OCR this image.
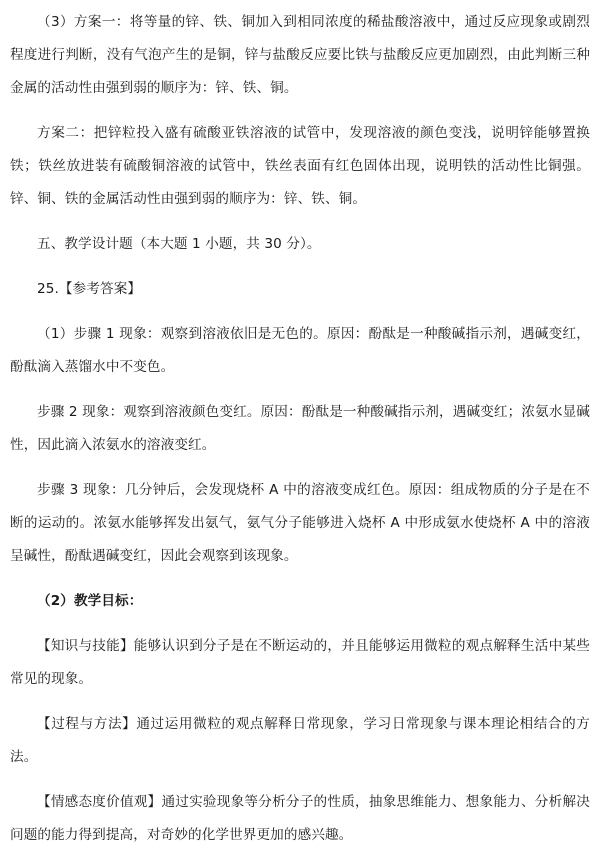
（3）方案一：将等量的锌、铁、铜加入到相同浓度的稀盐酸溶液中，通过反应现象或剧烈程度进行判断，没有气泡产生的是铜，锌与盐酸反应要比铁与盐酸反应更加剧烈，由此判断三种金属的活动性由强到弱的顺序为：锌、铁、铜。

方案二：把锌粒投入盛有硫酸亚铁溶液的试管中，发现溶液的颜色变浅，说明锌能够置换铁；铁丝放进装有硫酸铜溶液的试管中，铁丝表面有红色固体出现，说明铁的活动性比铜强。锌、铜、铁的金属活动性由强到弱的顺序为：锌、铁、铜。

五、教学设计题（本大题 1 小题，共 30 分）。

25.【参考答案】

（1）步骤 1 现象：观察到溶液依旧是无色的。原因：酚酞是一种酸碱指示剂，遇碱变红，酚酞滴入蒸馏水中不变色。

步骤 2 现象：观察到溶液颜色变红。原因：酚酞是一种酸碱指示剂，遇碱变红；浓氨水显碱性，因此滴入浓氨水的溶液变红。

步骤 3 现象：几分钟后，会发现烧杯 A 中的溶液变成红色。原因：组成物质的分子是在不断的运动的。浓氨水能够挥发出氨气，氨气分子能够进入烧杯 A 中形成氨水使烧杯 A 中的溶液呈碱性，酚酞遇碱变红，因此会观察到该现象。

（2）教学目标：

【知识与技能】能够认识到分子是在不断运动的，并且能够运用微粒的观点解释生活中某些常见的现象。

【过程与方法】通过运用微粒的观点解释日常现象，学习日常现象与课本理论相结合的方法。

【情感态度价值观】通过实验现象等分析分子的性质，抽象思维能力、想象能力、分析解决问题的能力得到提高，对奇妙的化学世界更加的感兴趣。
